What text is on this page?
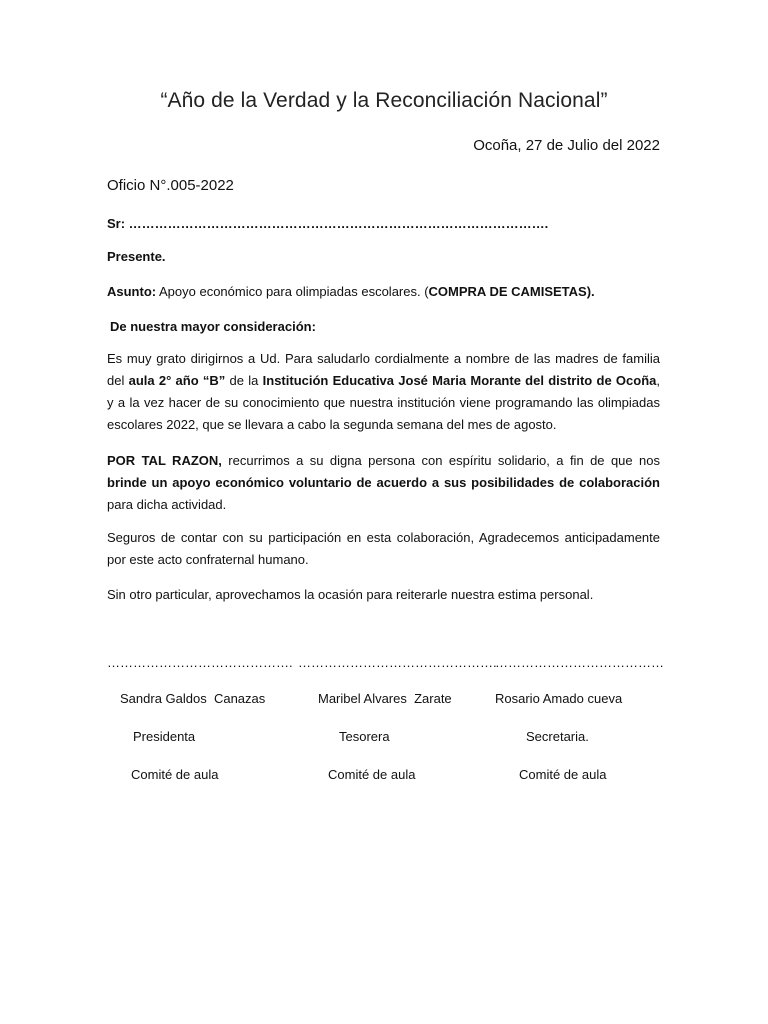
“Año de la Verdad y la Reconciliación Nacional”
Ocoña, 27 de Julio del 2022
Oficio N°.005-2022
Sr: …………………………………………………………………………………….
Presente.
Asunto: Apoyo económico para olimpiadas escolares. (COMPRA DE CAMISETAS).
De nuestra mayor consideración:
Es muy grato dirigirnos a Ud. Para saludarlo cordialmente a nombre de las madres de familia del aula 2° año “B” de la Institución Educativa José Maria Morante del distrito de Ocoña, y a la vez hacer de su conocimiento que nuestra institución viene programando las olimpiadas escolares 2022, que se llevara a cabo la segunda semana del mes de agosto.
POR TAL RAZON, recurrimos a su digna persona con espíritu solidario, a fin de que nos brinde un apoyo económico voluntario de acuerdo a sus posibilidades de colaboración para dicha actividad.
Seguros de contar con su participación en esta colaboración, Agradecemos anticipadamente por este acto confraternal humano.
Sin otro particular, aprovechamos la ocasión para reiterarle nuestra estima personal.
…………………………………….
Sandra Galdos  Canazas
Presidenta
Comité de aula
……………………………………….
Maribel Alvares  Zarate
Tesorera
Comité de aula
…………………………………
Rosario Amado cueva
Secretaria.
Comité de aula
